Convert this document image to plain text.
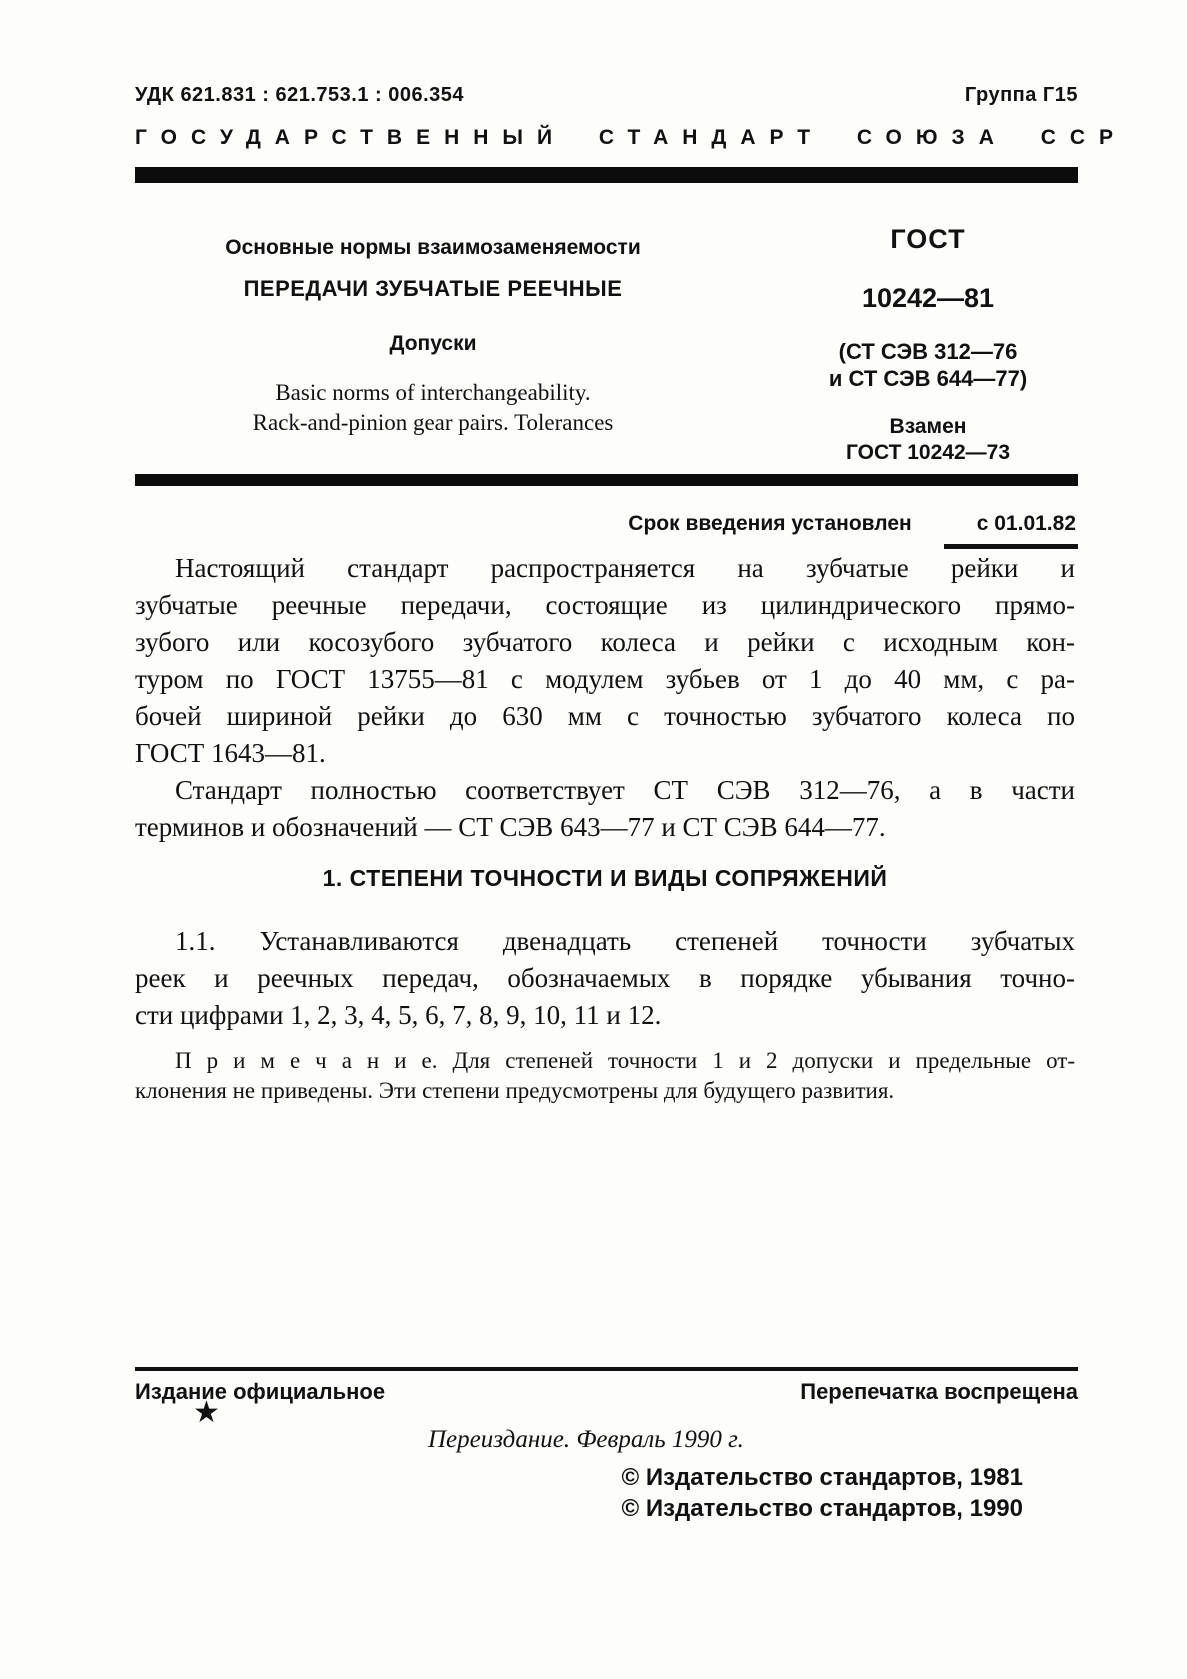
УДК 621.831 : 621.753.1 : 006.354	Группа Г15
ГОСУДАРСТВЕННЫЙ СТАНДАРТ СОЮЗА ССР
Основные нормы взаимозаменяемости
ПЕРЕДАЧИ ЗУБЧАТЫЕ РЕЕЧНЫЕ
Допуски
Basic norms of interchangeability.
Rack-and-pinion gear pairs. Tolerances
ГОСТ
10242—81
(СТ СЭВ 312—76
и СТ СЭВ 644—77)
Взамен
ГОСТ 10242—73
Срок введения установлен	с 01.01.82
Настоящий стандарт распространяется на зубчатые рейки и
зубчатые реечные передачи, состоящие из цилиндрического прямо-
зубого или косозубого зубчатого колеса и рейки с исходным кон-
туром по ГОСТ 13755—81 с модулем зубьев от 1 до 40 мм, с ра-
бочей шириной рейки до 630 мм с точностью зубчатого колеса по
ГОСТ 1643—81.
Стандарт полностью соответствует СТ СЭВ 312—76, а в части
терминов и обозначений — СТ СЭВ 643—77 и СТ СЭВ 644—77.
1. СТЕПЕНИ ТОЧНОСТИ И ВИДЫ СОПРЯЖЕНИЙ
1.1. Устанавливаются двенадцать степеней точности зубчатых
реек и реечных передач, обозначаемых в порядке убывания точно-
сти цифрами 1, 2, 3, 4, 5, 6, 7, 8, 9, 10, 11 и 12.
П р и м е ч а н и е. Для степеней точности 1 и 2 допуски и предельные от-
клонения не приведены. Эти степени предусмотрены для будущего развития.
Издание официальное	Перепечатка воспрещена
★
Переиздание. Февраль 1990 г.
© Издательство стандартов, 1981
© Издательство стандартов, 1990
